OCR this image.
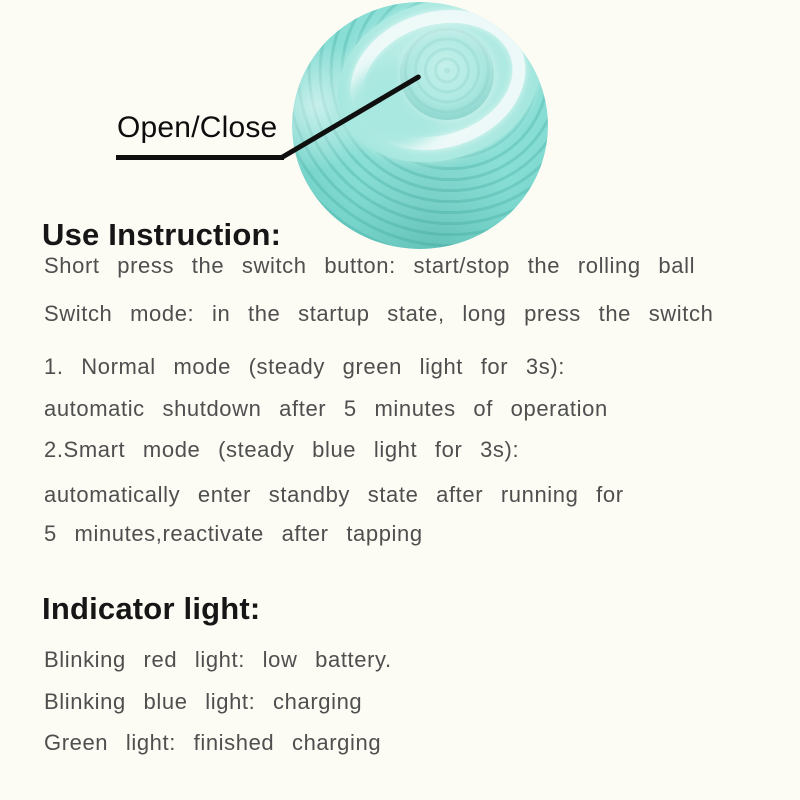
Open/Close
Use Instruction:
Short press the switch button: start/stop the rolling ball
Switch mode: in the startup state, long press the switch
1. Normal mode (steady green light for 3s):
automatic shutdown after 5 minutes of operation
2.Smart mode (steady blue light for 3s):
automatically enter standby state after running for
5 minutes,reactivate after tapping
Indicator light:
Blinking red light: low battery.
Blinking blue light: charging
Green light: finished charging
